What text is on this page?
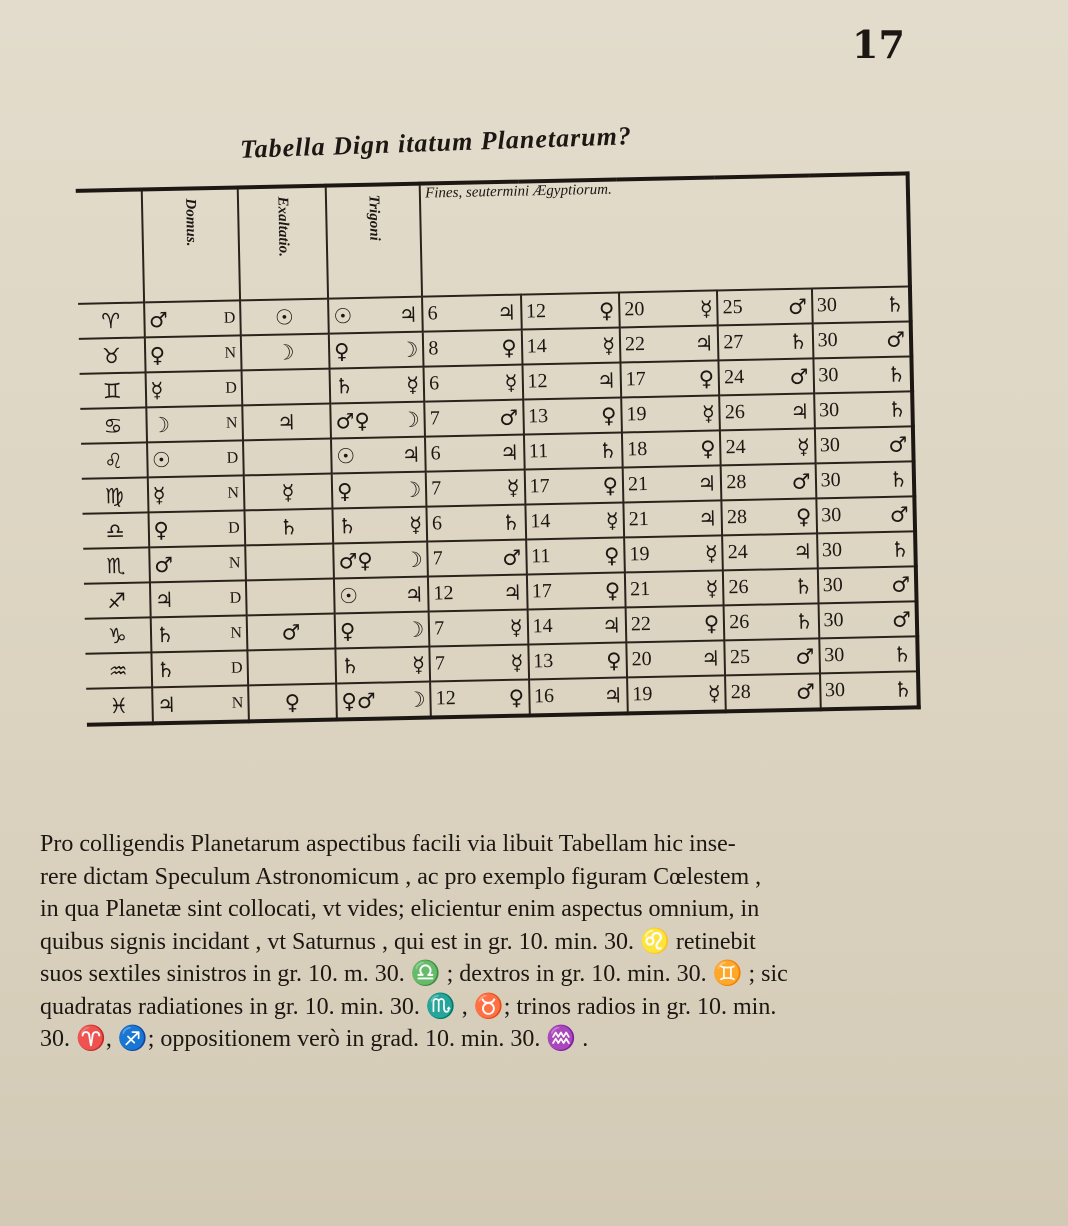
17
Tabella Dign itatum Planetarum?
	Domus.	Exaltatio.	Trigoni	Fines, seutermini Ægyptiorum.				
♈	♂ D	☉	☉ ♃	6 ♃	12 ♀	20 ☿	25 ♂	30 ♄

♉	♀ N	☽	♀ ☽	8 ♀	14 ☿	22 ♃	27 ♄	30 ♂

♊	☿ D		♄ ☿	6 ☿	12 ♃	17 ♀	24 ♂	30 ♄

♋	☽ N	♃	♂♀ ☽	7 ♂	13 ♀	19 ☿	26 ♃	30 ♄

♌	☉ D		☉ ♃	6 ♃	11 ♄	18 ♀	24 ☿	30 ♂

♍	☿ N	☿	♀ ☽	7 ☿	17 ♀	21 ♃	28 ♂	30 ♄

♎	♀ D	♄	♄ ☿	6 ♄	14 ☿	21 ♃	28 ♀	30 ♂

♏	♂ N		♂♀ ☽	7 ♂	11 ♀	19 ☿	24 ♃	30 ♄

♐	♃ D		☉ ♃	12 ♃	17 ♀	21 ☿	26 ♄	30 ♂

♑	♄ N	♂	♀ ☽	7 ☿	14 ♃	22 ♀	26 ♄	30 ♂

♒	♄ D		♄ ☿	7 ☿	13 ♀	20 ♃	25 ♂	30 ♄

♓	♃ N	♀	♀♂ ☽	12 ♀	16 ♃	19 ☿	28 ♂	30 ♄
Pro colligendis Planetarum aspectibus facili via libuit Tabellam hic inse-
rere dictam Speculum Astronomicum , ac pro exemplo figuram Cœlestem ,
in qua Planetæ sint collocati, vt vides; elicientur enim aspectus omnium, in
quibus signis incidant , vt Saturnus , qui est in gr. 10. min. 30. ♌ retinebit
suos sextiles sinistros in gr. 10. m. 30. ♎ ; dextros in gr. 10. min. 30. ♊ ; sic
quadratas radiationes in gr. 10. min. 30. ♏ , ♉; trinos radios in gr. 10. min.
30. ♈, ♐; oppositionem verò in grad. 10. min. 30. ♒ .
